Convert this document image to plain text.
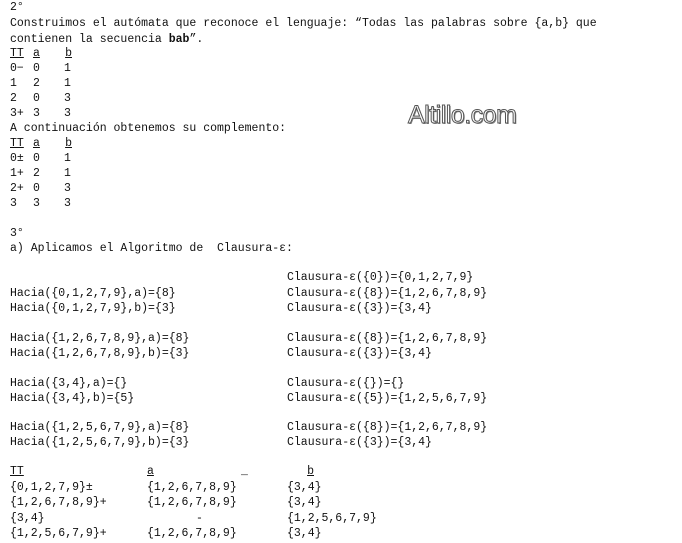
2°
Construimos el autómata que reconoce el lenguaje: “Todas las palabras sobre {a,b} que
contienen la secuencia bab”.
TT a	b
0− 0 1
1 2 1
2 0 3
3+ 3 3
A continuación obtenemos su complemento:
TT a	b
0± 0 1
1+ 2 1
2+ 0 3
3 3 3
Altillo.com
3°
a) Aplicamos el Algoritmo de  Clausura-ε:
Clausura-ε({0})={0,1,2,7,9}
Hacia({0,1,2,7,9},a)={8}
Hacia({0,1,2,7,9},b)={3}
Clausura-ε({8})={1,2,6,7,8,9}
Clausura-ε({3})={3,4}
Hacia({1,2,6,7,8,9},a)={8}
Hacia({1,2,6,7,8,9},b)={3}
Clausura-ε({8})={1,2,6,7,8,9}
Clausura-ε({3})={3,4}
Hacia({3,4},a)={}
Hacia({3,4},b)={5}
Clausura-ε({})={}
Clausura-ε({5})={1,2,5,6,7,9}
Hacia({1,2,5,6,7,9},a)={8}
Hacia({1,2,5,6,7,9},b)={3}
Clausura-ε({8})={1,2,6,7,8,9}
Clausura-ε({3})={3,4}
TT	a	_	b
{0,1,2,7,9}±	{1,2,6,7,8,9}	{3,4}
{1,2,6,7,8,9}+	{1,2,6,7,8,9}	{3,4}
{3,4}	-	{1,2,5,6,7,9}
{1,2,5,6,7,9}+	{1,2,6,7,8,9}	{3,4}
